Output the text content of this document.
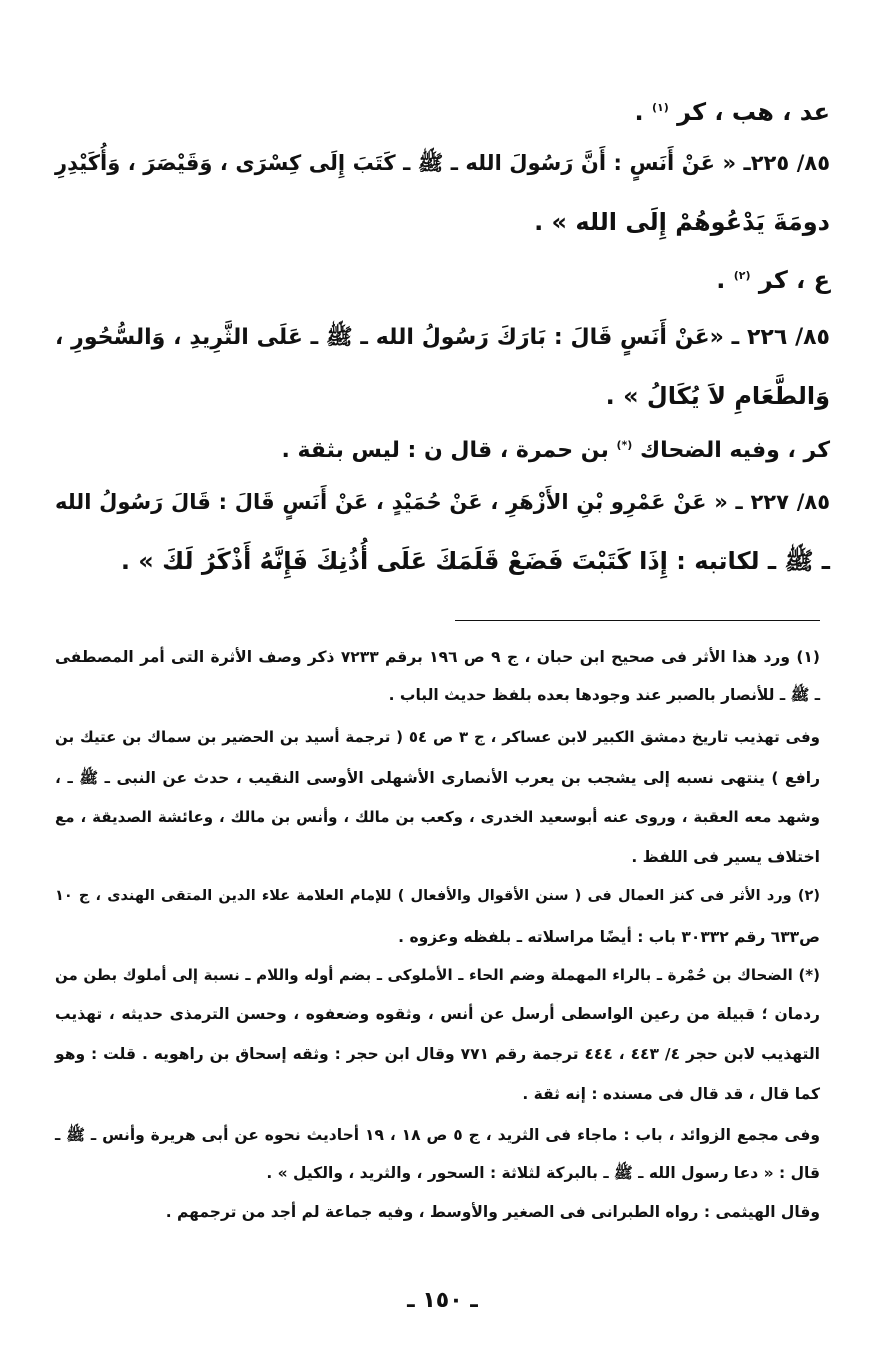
عد ، هب ، كر $^{(١)}$ .
٨٥/ ٢٢٥ـ « عَنْ أَنَسٍ : أَنَّ رَسُولَ الله ـ ﷺ ـ كَتَبَ إِلَى كِسْرَى ، وَقَيْصَرَ ، وَأُكَيْدِرِ
دومَةَ يَدْعُوهُمْ إِلَى الله » .
ع ، كر $^{(٢)}$ .
٨٥/ ٢٢٦ ـ «عَنْ أَنَسٍ قَالَ : بَارَكَ رَسُولُ الله ـ ﷺ ـ عَلَى الثَّرِيدِ ، وَالسُّحُورِ ،
وَالطَّعَامِ لاَ يُكَالُ » .
كر ، وفيه الضحاك (*) بن حمرة ، قال ن : ليس بثقة .
٨٥/ ٢٢٧ ـ « عَنْ عَمْرِو بْنِ الأَزْهَرِ ، عَنْ حُمَيْدٍ ، عَنْ أَنَسٍ قَالَ : قَالَ رَسُولُ الله
ـ ﷺ ـ لكاتبه : إِذَا كَتَبْتَ فَضَعْ قَلَمَكَ عَلَى أُذُنِكَ فَإِنَّهُ أَذْكَرُ لَكَ » .
(١) ورد هذا الأثر فى صحيح ابن حبان ، ج ٩ ص ١٩٦ برقم ٧٢٣٣ ذكر وصف الأثرة التى أمر المصطفى
ـ ﷺ ـ للأنصار بالصبر عند وجودها بعده بلفظ حديث الباب .
وفى تهذيب تاريخ دمشق الكبير لابن عساكر ، ج ٣ ص ٥٤ ( ترجمة أسيد بن الحضير بن سماك بن عتيك بن
رافع ) ينتهى نسبه إلى يشجب بن يعرب الأنصارى الأشهلى الأوسى النقيب ، حدث عن النبى ـ ﷺ ـ ،
وشهد معه العقبة ، وروى عنه أبوسعيد الخدرى ، وكعب بن مالك ، وأنس بن مالك ، وعائشة الصديقة ، مع
اختلاف يسير فى اللفظ .
(٢) ورد الأثر فى كنز العمال فى ( سنن الأقوال والأفعال ) للإمام العلامة علاء الدين المتقى الهندى ، ج ١٠
ص٦٣٣ رقم ٣٠٣٣٢ باب : أيضًا مراسلاته ـ بلفظه وعزوه .
(*) الضحاك بن حُمْرة ـ بالراء المهملة وضم الحاء ـ الأملوكى ـ بضم أوله واللام ـ نسبة إلى أملوك بطن من
ردمان ؛ قبيلة من رعين الواسطى أرسل عن أنس ، وثقوه وضعفوه ، وحسن الترمذى حديثه ، تهذيب
التهذيب لابن حجر ٤/ ٤٤٣ ، ٤٤٤ ترجمة رقم ٧٧١ وقال ابن حجر : وثقه إسحاق بن راهويه . قلت : وهو
كما قال ، قد قال فى مسنده : إنه ثقة .
وفى مجمع الزوائد ، باب : ماجاء فى الثريد ، ج ٥ ص ١٨ ، ١٩ أحاديث نحوه عن أبى هريرة وأنس ـ ﷺ ـ
قال : « دعا رسول الله ـ ﷺ ـ بالبركة لثلاثة : السحور ، والثريد ، والكيل » .
وقال الهيثمى : رواه الطبرانى فى الصغير والأوسط ، وفيه جماعة لم أجد من ترجمهم .
ـ ١٥٠ ـ
